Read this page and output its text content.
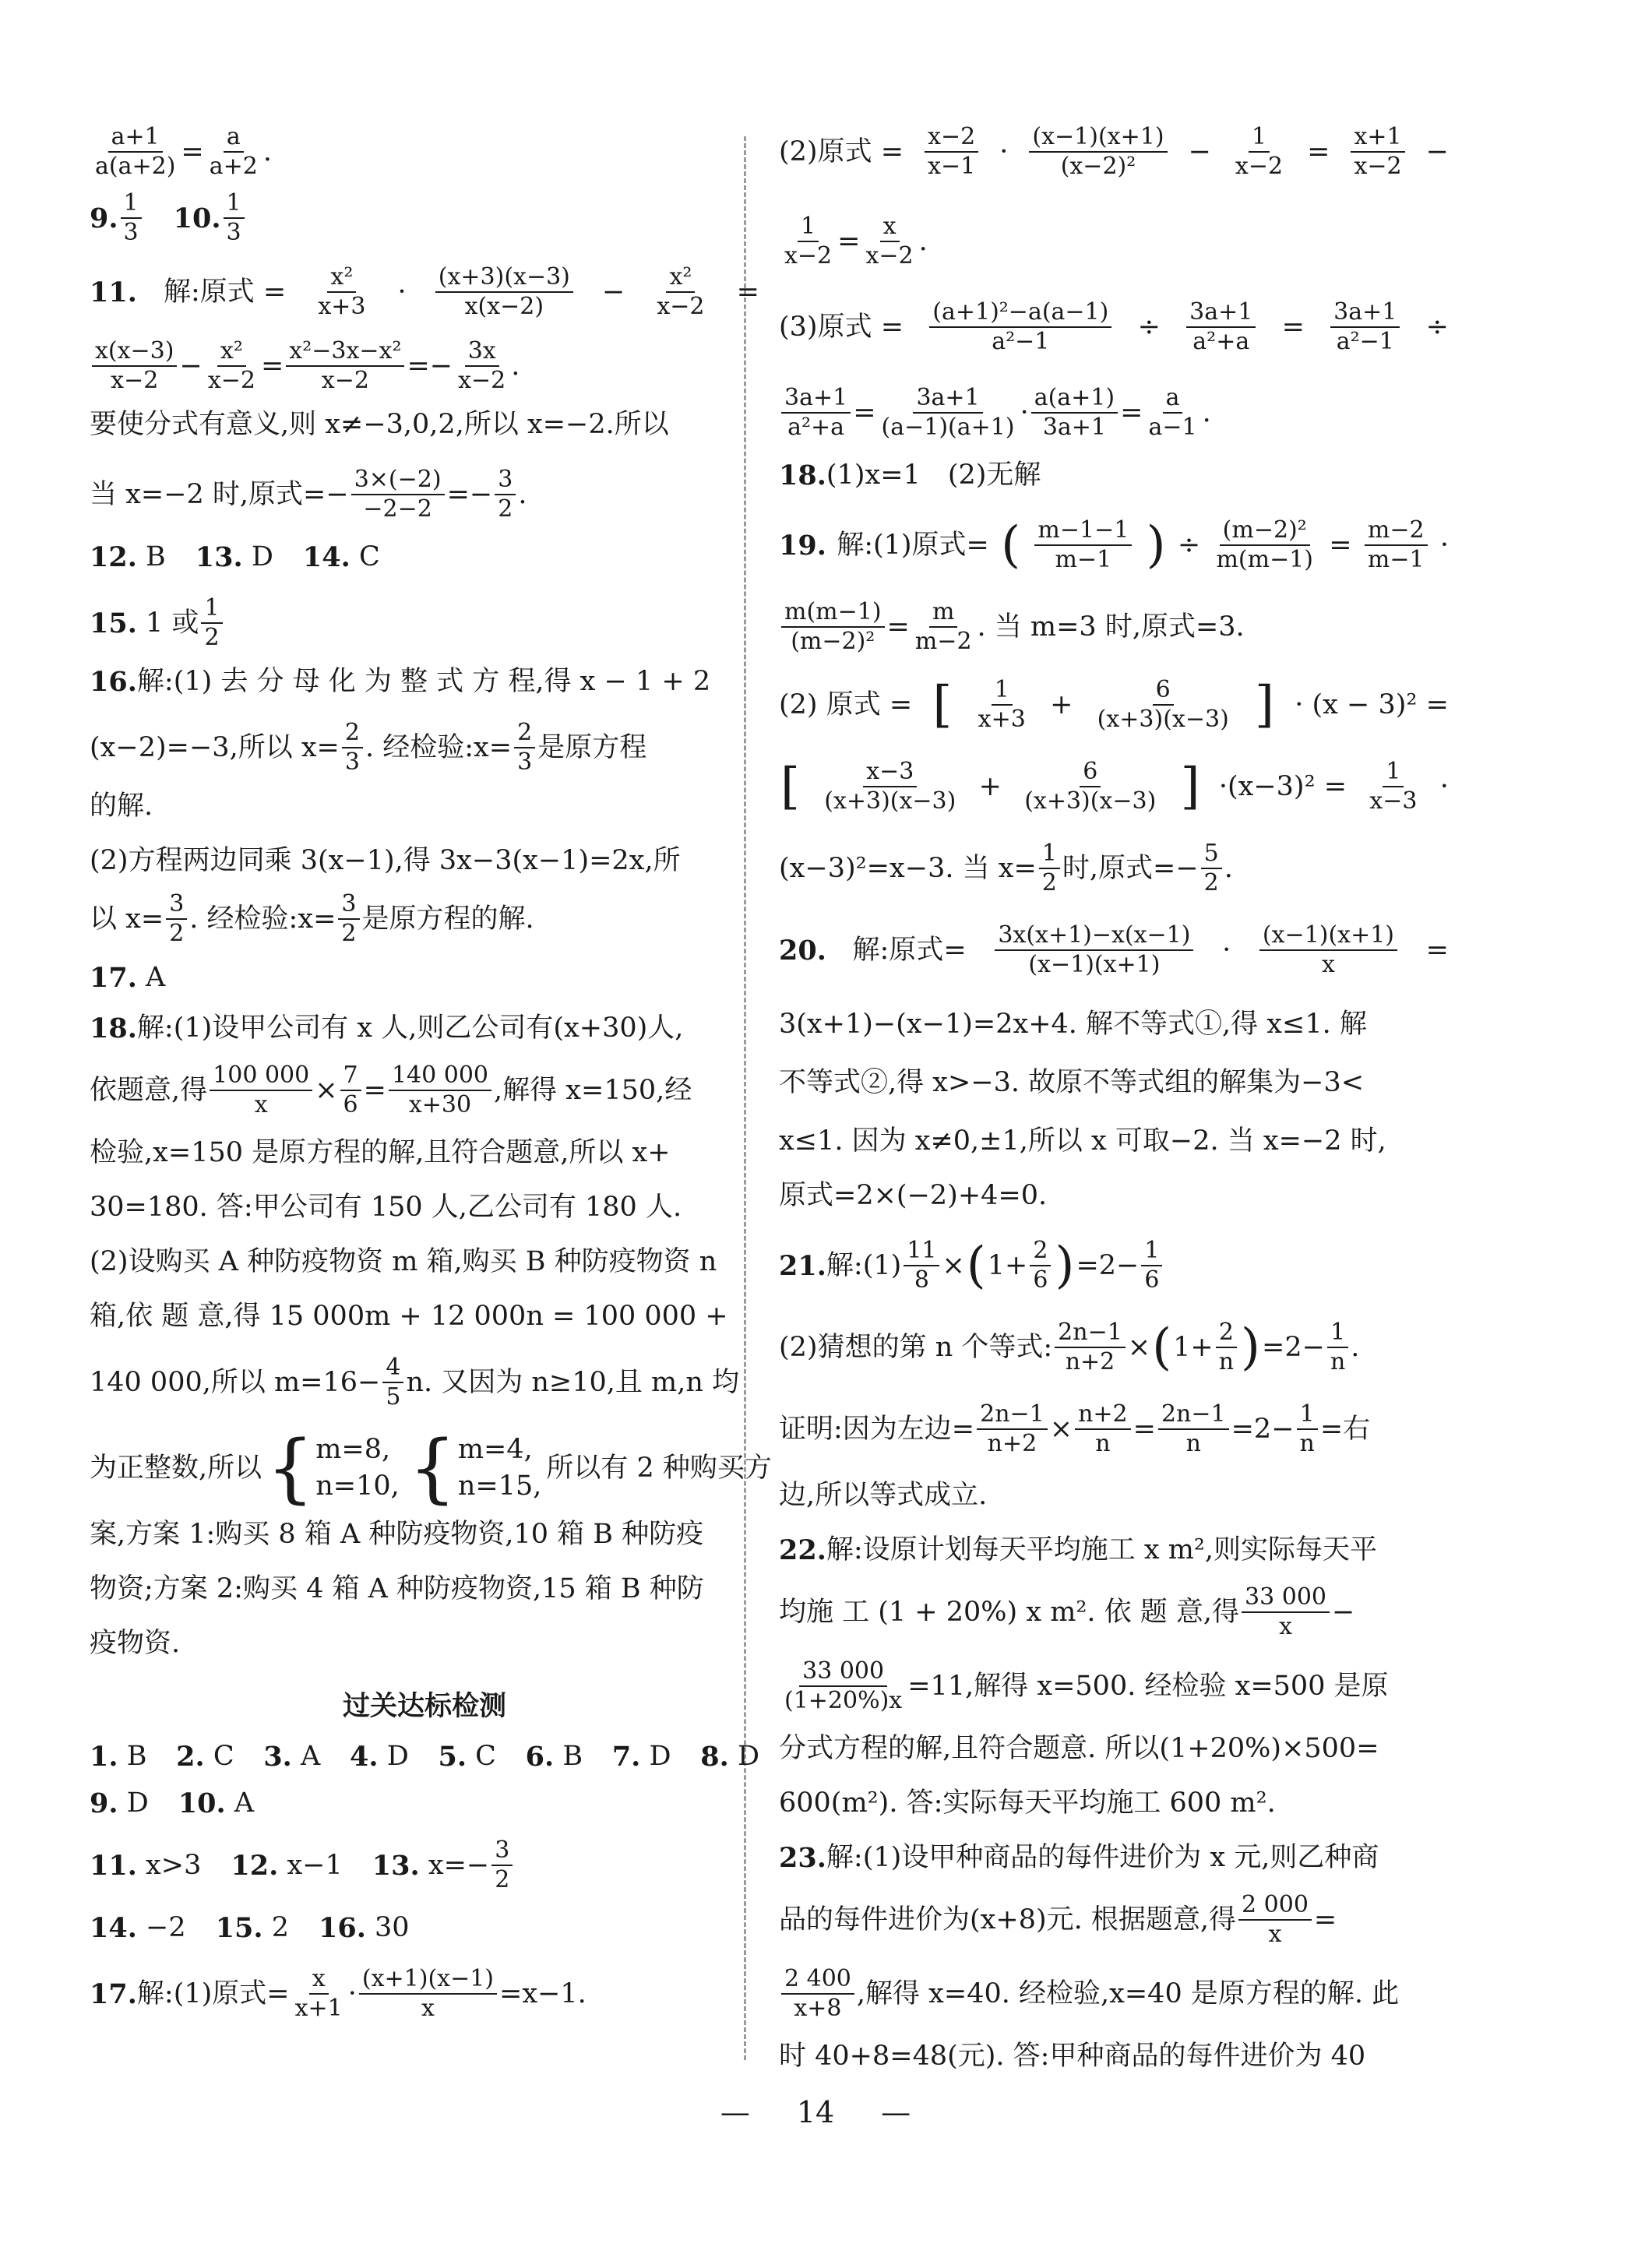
$\frac{a+1}{a(a+2)} = \frac{a}{a+2}$ .
9. $\frac{1}{3} 10$. $\frac{1}{3}$
11. 解:原式 = $\frac{\text{x²}}{x+3} \cdot \frac{(x+3)(x-3)}{x(x-2)} - \frac{\text{x²}}{x-2}$ =
$\frac{x(x-3)}{x-2} - \frac{\text{x²}}{x-2} = \frac{\text{x²−3x−x²}}{x-2} =- \frac{3x}{x-2}$ .
要使分式有意义,则 x≠−3,0,2,所以 x=−2.所以
当 x=−2 时,原式=− $\frac{3\times(-2)}{-2-2} =- \frac{3}{2}$ .
12.
B 13.
D 14.
C
15.
1 或 $\frac{1}{2}$
16. 解:(1) 去 分 母 化 为 整 式 方 程,得 x − 1 + 2
(x−2)=−3,所以 $x= \frac{2}{3}$ . 经检验:x= $\frac{2}{3}$ 是原方程
的解.
(2)方程两边同乘 3(x−1),得 3x−3(x−1)=2x,所
以 $x= \frac{3}{2}$ . 经检验:x= $\frac{3}{2}$ 是原方程的解.
17.
A
18. 解:(1)设甲公司有 x 人,则乙公司有(x+30)人,
依题意,得 $\frac{100 000}{x} \times \frac{7}{6} = \frac{140 000}{x+30}$ ,解得 x=150,经
检验,x=150 是原方程的解,且符合题意,所以 x+
30=180. 答:甲公司有 150 人,乙公司有 180 人.
(2)设购买 A 种防疫物资 m 箱,购买 B 种防疫物资 n
箱,依 题 意,得 15 000m + 12 000n = 100 000 +
140 000,所以 $m=16- \frac{4}{5} n$. 又因为 n≥10,且 m,n 均
为正整数,所以 { m=8,
n=10, { m=4,
n=15,
所以有 2 种购买方
案,方案 1:购买 8 箱 A 种防疫物资,10 箱 B 种防疫
物资;方案 2:购买 4 箱 A 种防疫物资,15 箱 B 种防
疫物资.
过关达标检测
1.
B 2.
C 3.
A 4.
D 5.
C 6.
B 7.
D 8.
D
9.
D 10.
A
11.
x>3 12.
x−1 13.
$x=- \frac{3}{2}$
14.
−2 15.
2 16.
30
17. 解:(1)原式= $\frac{x}{x+1} \cdot \frac{(x+1)(x-1)}{x} =x-1$.
(2)原式 = $\frac{x-2}{x-1} \cdot \frac{(x-1)(x+1)}{\text{(x−2)²}} - \frac{1}{x-2} = \frac{x+1}{x-2}$ −
$\frac{1}{x-2} = \frac{x}{x-2}$ .
(3)原式 = $\frac{\text{(a+1)²−a(a−1)}}{\text{a²−1}} \div \frac{3a+1}{\text{a²+a}} = \frac{3a+1}{\text{a²−1}}$ ÷
$\frac{3a+1}{\text{a²+a}} = \frac{3a+1}{(a-1)(a+1)} \cdot \frac{a(a+1)}{3a+1} = \frac{a}{a-1}$ .
18. (1)x=1　(2)无解
19. 解:(1)原式= ( $\frac{m-1-1}{m-1}$ ) ÷ $\frac{\text{(m−2)²}}{m(m-1)} = \frac{m-2}{m-1}$ ·
$\frac{m(m-1)}{\text{(m−2)²}} = \frac{m}{m-2}$ . 当 m=3 时,原式=3.
(2) 原式 = [ $\frac{1}{x+3} + \frac{6}{(x+3)(x-3)}$ ] · (x − 3)² =
[ $\frac{x-3}{(x+3)(x-3)} + \frac{6}{(x+3)(x-3)}$ ] $\cdot(x-3)^2 = \frac{1}{x-3}$ ·
(x−3)²=x−3. 当 $x= \frac{1}{2}$ 时,原式=− $\frac{5}{2}$ .
20. 解:原式= $\frac{3x(x+1)-x(x-1)}{(x-1)(x+1)} \cdot \frac{(x-1)(x+1)}{x}$ =
3(x+1)−(x−1)=2x+4. 解不等式①,得 x≤1. 解
不等式②,得 x>−3. 故原不等式组的解集为−3<
x≤1. 因为 x≠0,±1,所以 x 可取−2. 当 x=−2 时,
原式=2×(−2)+4=0.
21. 解:(1) $\frac{11}{8}$ × ( $1+ \frac{2}{6}$ ) $=2- \frac{1}{6}$
(2)猜想的第 n 个等式: $\frac{2n-1}{n+2}$ × ( $1+ \frac{2}{n}$ ) $=2- \frac{1}{n}$ .
证明:因为左边= $\frac{2n-1}{n+2} \times \frac{n+2}{n} = \frac{2n-1}{n} =2- \frac{1}{n}$ =右
边,所以等式成立.
22. 解:设原计划每天平均施工 x m²,则实际每天平
均施 工 (1 + 20%) x m². 依 题 意,得 $\frac{33 000}{x}$ −
$\frac{33 000}{(1+20\%)x} =11$,解得 x=500. 经检验 x=500 是原
分式方程的解,且符合题意. 所以(1+20%)×500=
600(m²). 答:实际每天平均施工 600 m².
23. 解:(1)设甲种商品的每件进价为 x 元,则乙种商
品的每件进价为(x+8)元. 根据题意,得 $\frac{2 000}{x}$ =
$\frac{2 400}{x+8}$ ,解得 x=40. 经检验,x=40 是原方程的解. 此
时 40+8=48(元). 答:甲种商品的每件进价为 40
— 14 —
